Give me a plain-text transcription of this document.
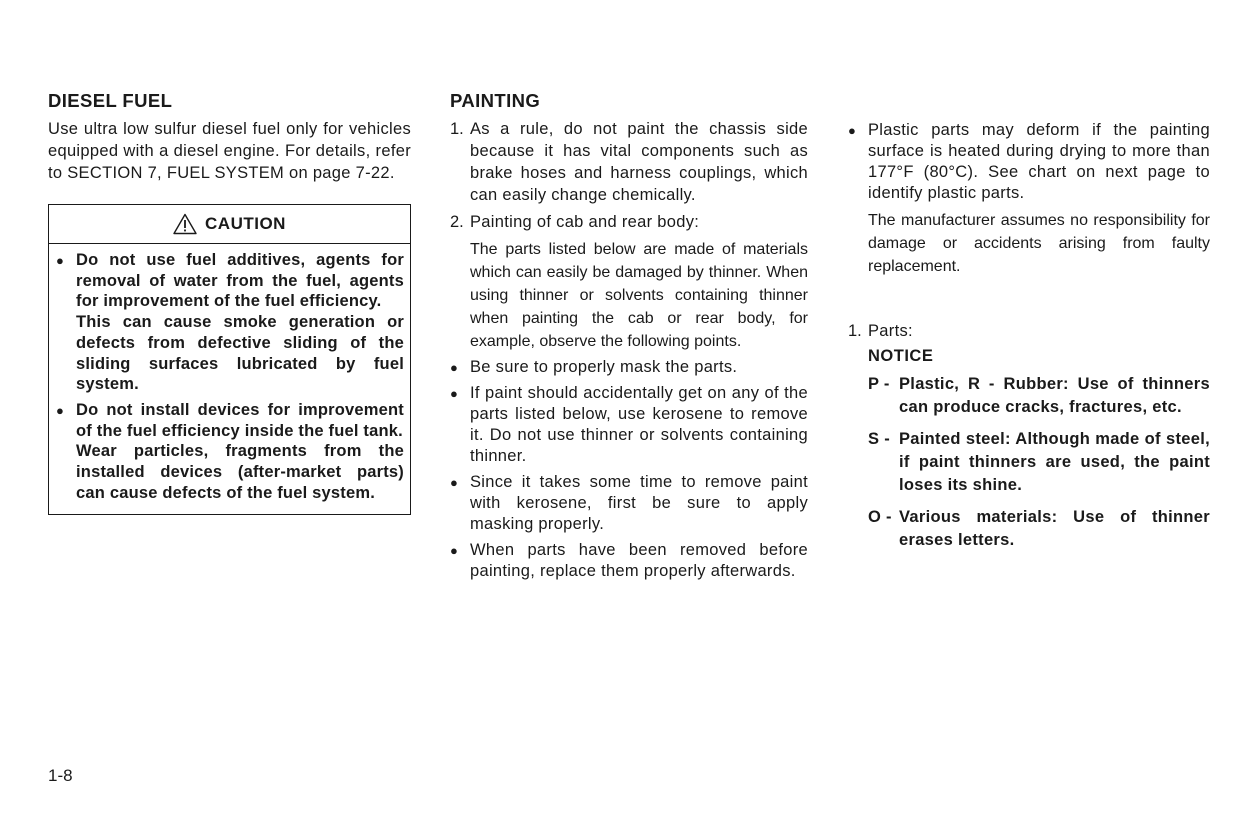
DIESEL FUEL

Use ultra low sulfur diesel fuel only for vehicles equipped with a diesel engine. For details, refer to SECTION 7, FUEL SYSTEM on page 7-22.

CAUTION
● Do not use fuel additives, agents for removal of water from the fuel, agents for improvement of the fuel efficiency.
This can cause smoke generation or defects from defective sliding of the sliding surfaces lubricated by fuel system.
● Do not install devices for improvement of the fuel efficiency inside the fuel tank.
Wear particles, fragments from the installed devices (after-market parts) can cause defects of the fuel system.
PAINTING
1. As a rule, do not paint the chassis side because it has vital components such as brake hoses and harness couplings, which can easily change chemically.
2. Painting of cab and rear body:
The parts listed below are made of materials which can easily be damaged by thinner. When using thinner or solvents containing thinner when painting the cab or rear body, for example, observe the following points.
● Be sure to properly mask the parts.
● If paint should accidentally get on any of the parts listed below, use kerosene to remove it. Do not use thinner or solvents containing thinner.
● Since it takes some time to remove paint with kerosene, first be sure to apply masking properly.
● When parts have been removed before painting, replace them properly afterwards.
● Plastic parts may deform if the painting surface is heated during drying to more than 177°F (80°C). See chart on next page to identify plastic parts.
The manufacturer assumes no responsibility for damage or accidents arising from faulty replacement.
1. Parts:
NOTICE
P - Plastic, R - Rubber: Use of thinners can produce cracks, fractures, etc.
S - Painted steel: Although made of steel, if paint thinners are used, the paint loses its shine.
O - Various materials: Use of thinner erases letters.
1-8
